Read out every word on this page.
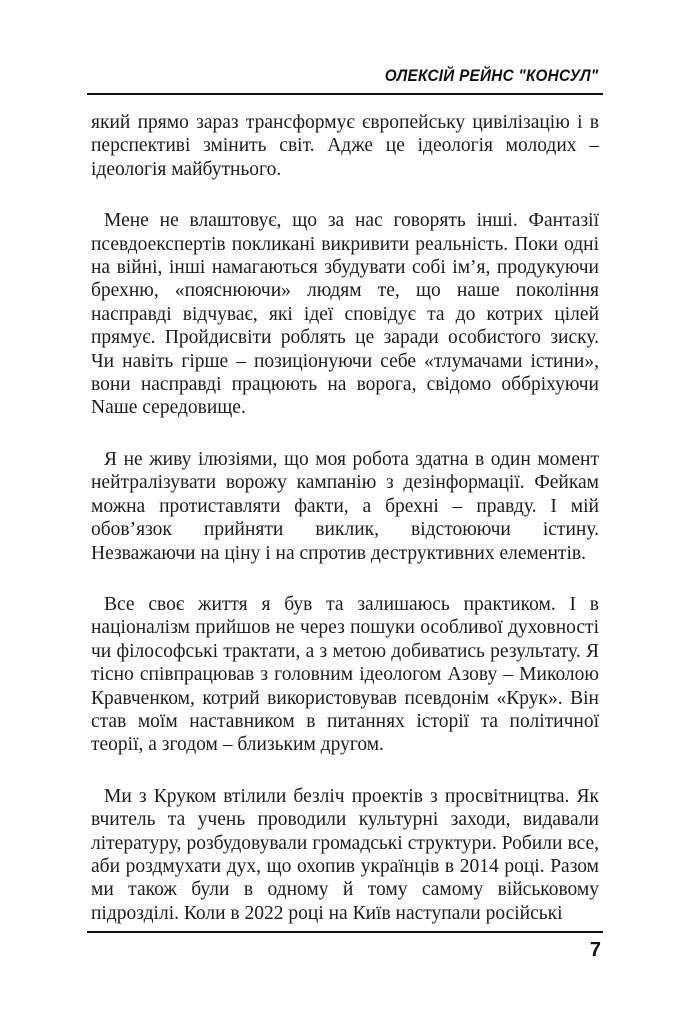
ОЛЕКСІЙ РЕЙНС "КОНСУЛ"

який прямо зараз трансформує європейську цивілізацію і в перспективі змінить світ. Адже це ідеологія молодих – ідеологія майбутнього.

Мене не влаштовує, що за нас говорять інші. Фантазії псевдоекспертів покликані викривити реальність. Поки одні на війні, інші намагаються збудувати собі ім’я, продукуючи брехню, «пояснюючи» людям те, що наше покоління насправді відчуває, які ідеї сповідує та до котрих цілей прямує. Пройдисвіти роблять це заради особистого зиску. Чи навіть гірше – позиціонуючи себе «тлумачами істини», вони насправді працюють на ворога, свідомо оббріхуючи Nаше середовище.

Я не живу ілюзіями, що моя робота здатна в один момент нейтралізувати ворожу кампанію з дезінформації. Фейкам можна протиставляти факти, а брехні – правду. І мій обов’язок прийняти виклик, відстоюючи істину. Незважаючи на ціну і на спротив деструктивних елементів.

Все своє життя я був та залишаюсь практиком. І в націоналізм прийшов не через пошуки особливої духовності чи філософські трактати, а з метою добиватись результату. Я тісно співпрацював з головним ідеологом Азову – Миколою Кравченком, котрий використовував псевдонім «Крук». Він став моїм наставником в питаннях історії та політичної теорії, а згодом – близьким другом.

Ми з Круком втілили безліч проектів з просвітництва. Як вчитель та учень проводили культурні заходи, видавали літературу, розбудовували громадські структури. Робили все, аби роздмухати дух, що охопив українців в 2014 році. Разом ми також були в одному й тому самому військовому підрозділі. Коли в 2022 році на Київ наступали російські

7
